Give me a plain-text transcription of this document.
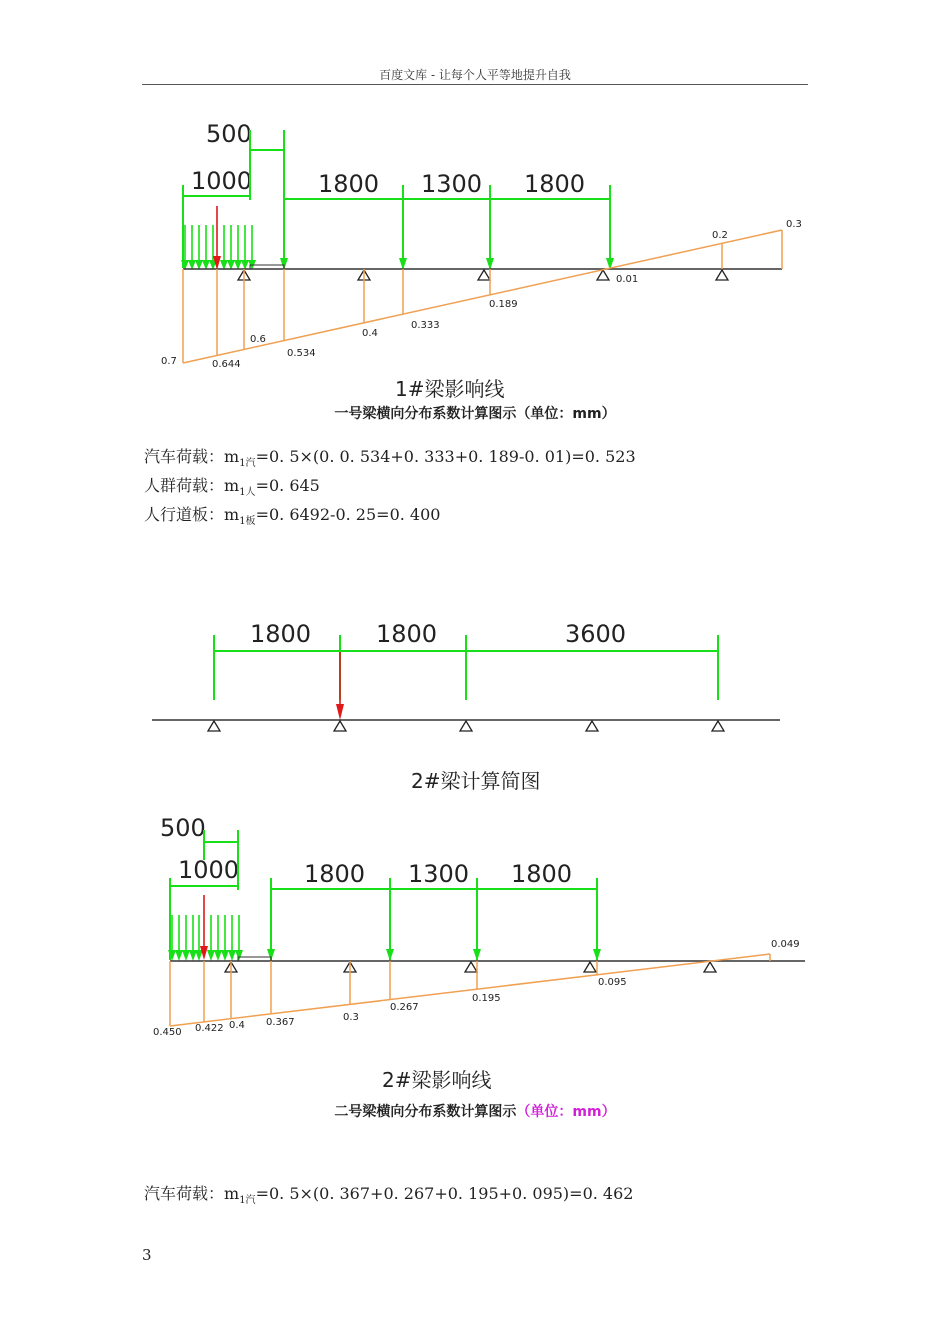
百度文库 - 让每个人平等地提升自我
500
1000	1800 1300 1800
0.7	0.644
0.6
0.534
0.4
0.333
0.189
0.01
0.2
0.3
1#梁影响线
一号梁横向分布系数计算图示（单位：mm）
汽车荷载：$m_{1汽}=0$. 5×(0. 0. 534+0. 333+0. 189-0. 01)=0. 523
人群荷载：$m_{1人}=0$. 645
人行道板：$m_{1板}=0$. 6492-0. 25=0. 400
1800	1800	3600
2#梁计算简图
500
1000	1800 1300 1800
0.450 0.422 0.4 0.367	0.3
0.267
0.195
0.095
0.049
2#梁影响线
二号梁横向分布系数计算图示（单位：mm）
汽车荷载：$m_{1汽}=0$. 5×(0. 367+0. 267+0. 195+0. 095)=0. 462
3
